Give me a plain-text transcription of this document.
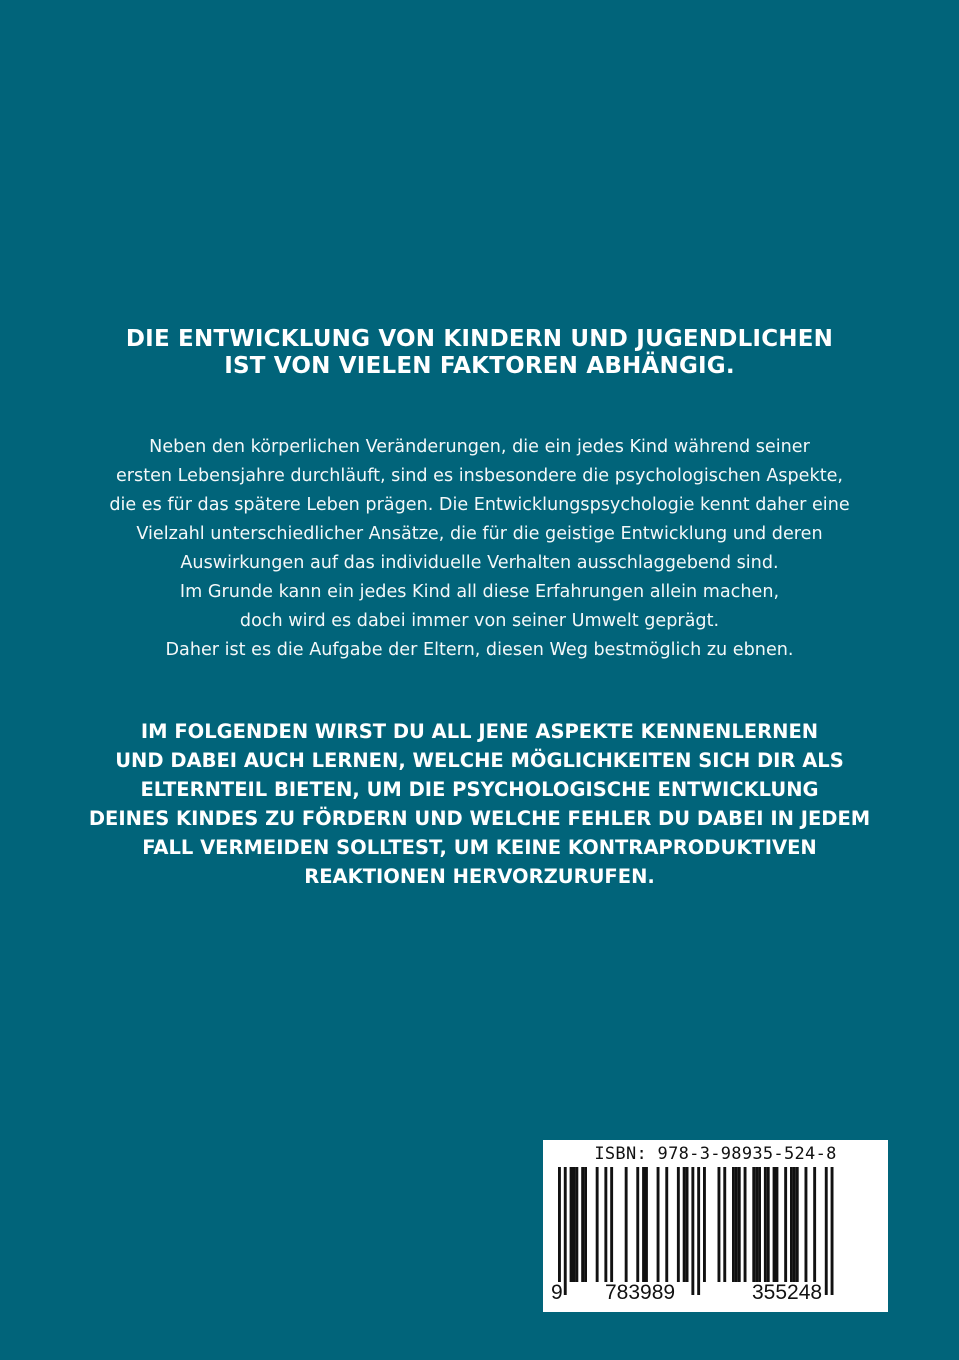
DIE ENTWICKLUNG VON KINDERN UND JUGENDLICHEN
IST VON VIELEN FAKTOREN ABHÄNGIG.
Neben den körperlichen Veränderungen, die ein jedes Kind während seiner
ersten Lebensjahre durchläuft, sind es insbesondere die psychologischen Aspekte,
die es für das spätere Leben prägen. Die Entwicklungspsychologie kennt daher eine
Vielzahl unterschiedlicher Ansätze, die für die geistige Entwicklung und deren
Auswirkungen auf das individuelle Verhalten ausschlaggebend sind.
Im Grunde kann ein jedes Kind all diese Erfahrungen allein machen,
doch wird es dabei immer von seiner Umwelt geprägt.
Daher ist es die Aufgabe der Eltern, diesen Weg bestmöglich zu ebnen.
IM FOLGENDEN WIRST DU ALL JENE ASPEKTE KENNENLERNEN
UND DABEI AUCH LERNEN, WELCHE MÖGLICHKEITEN SICH DIR ALS
ELTERNTEIL BIETEN, UM DIE PSYCHOLOGISCHE ENTWICKLUNG
DEINES KINDES ZU FÖRDERN UND WELCHE FEHLER DU DABEI IN JEDEM
FALL VERMEIDEN SOLLTEST, UM KEINE KONTRAPRODUKTIVEN
REAKTIONEN HERVORZURUFEN.
ISBN: 978-3-98935-524-8
9 783989	355248
